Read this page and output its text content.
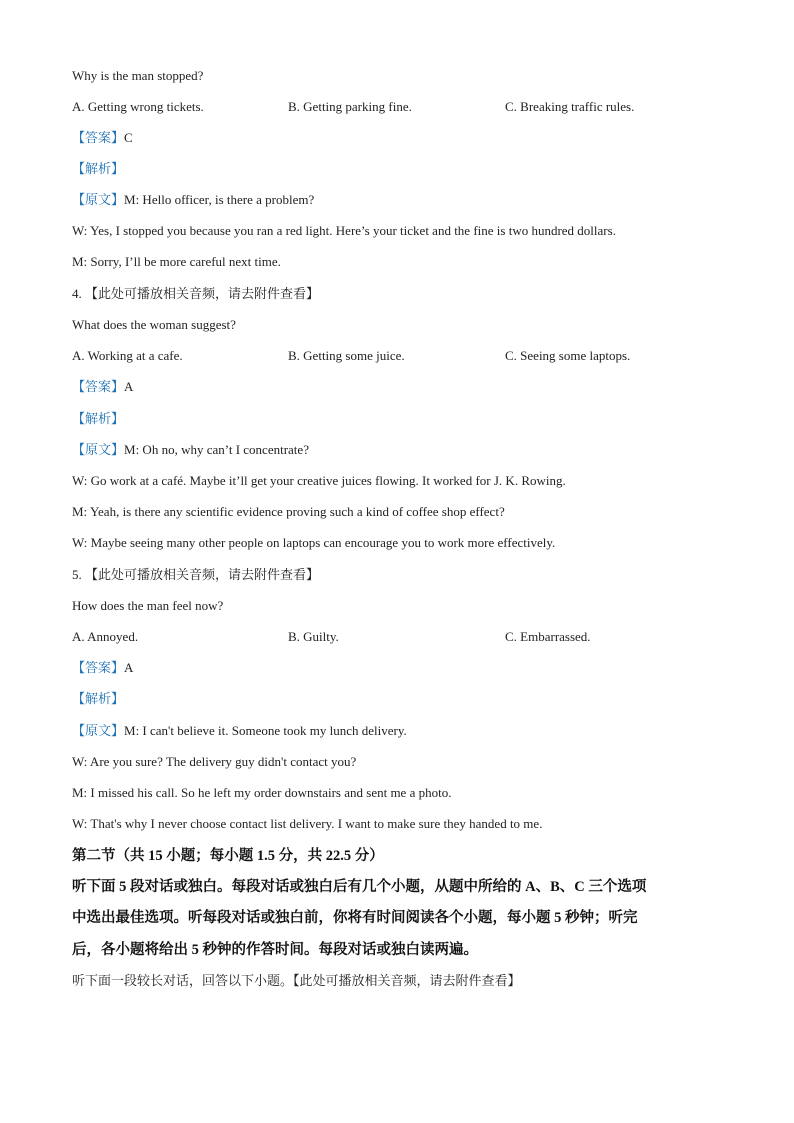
Why is the man stopped?
A. Getting wrong tickets.	B. Getting parking fine.	C. Breaking traffic rules.
【答案】C
【解析】
【原文】M: Hello officer, is there a problem?
W: Yes, I stopped you because you ran a red light. Here’s your ticket and the fine is two hundred dollars.
M: Sorry, I’ll be more careful next time.
4. 【此处可播放相关音频，请去附件查看】
What does the woman suggest?
A. Working at a cafe.	B. Getting some juice.	C. Seeing some laptops.
【答案】A
【解析】
【原文】M: Oh no, why can’t I concentrate?
W: Go work at a café. Maybe it’ll get your creative juices flowing. It worked for J. K. Rowing.
M: Yeah, is there any scientific evidence proving such a kind of coffee shop effect?
W: Maybe seeing many other people on laptops can encourage you to work more effectively.
5. 【此处可播放相关音频，请去附件查看】
How does the man feel now?
A. Annoyed.	B. Guilty.	C. Embarrassed.
【答案】A
【解析】
【原文】M: I can't believe it. Someone took my lunch delivery.
W: Are you sure? The delivery guy didn't contact you?
M: I missed his call. So he left my order downstairs and sent me a photo.
W: That's why I never choose contact list delivery. I want to make sure they handed to me.
第二节（共 15 小题；每小题 1.5 分，共 22.5 分）
听下面 5 段对话或独白。每段对话或独白后有几个小题，从题中所给的 A、B、C 三个选项
中选出最佳选项。听每段对话或独白前，你将有时间阅读各个小题，每小题 5 秒钟；听完
后，各小题将给出 5 秒钟的作答时间。每段对话或独白读两遍。
听下面一段较长对话，回答以下小题。【此处可播放相关音频，请去附件查看】
